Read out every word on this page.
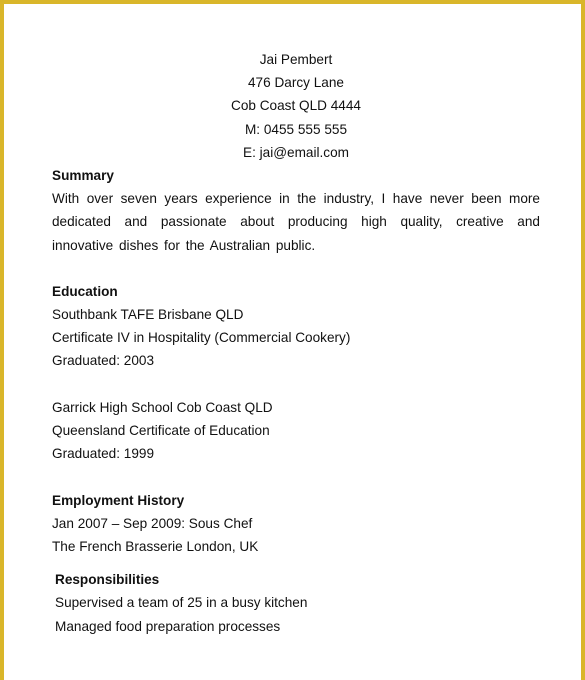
Jai Pembert
476 Darcy Lane
Cob Coast QLD 4444
M: 0455 555 555
E: jai@email.com
Summary
With over seven years experience in the industry, I have never been more dedicated and passionate about producing high quality, creative and innovative dishes for the Australian public.
Education
Southbank TAFE Brisbane QLD
Certificate IV in Hospitality (Commercial Cookery)
Graduated: 2003
Garrick High School Cob Coast QLD
Queensland Certificate of Education
Graduated: 1999
Employment History
Jan 2007 – Sep 2009: Sous Chef
The French Brasserie London, UK
Responsibilities
Supervised a team of 25 in a busy kitchen
Managed food preparation processes
